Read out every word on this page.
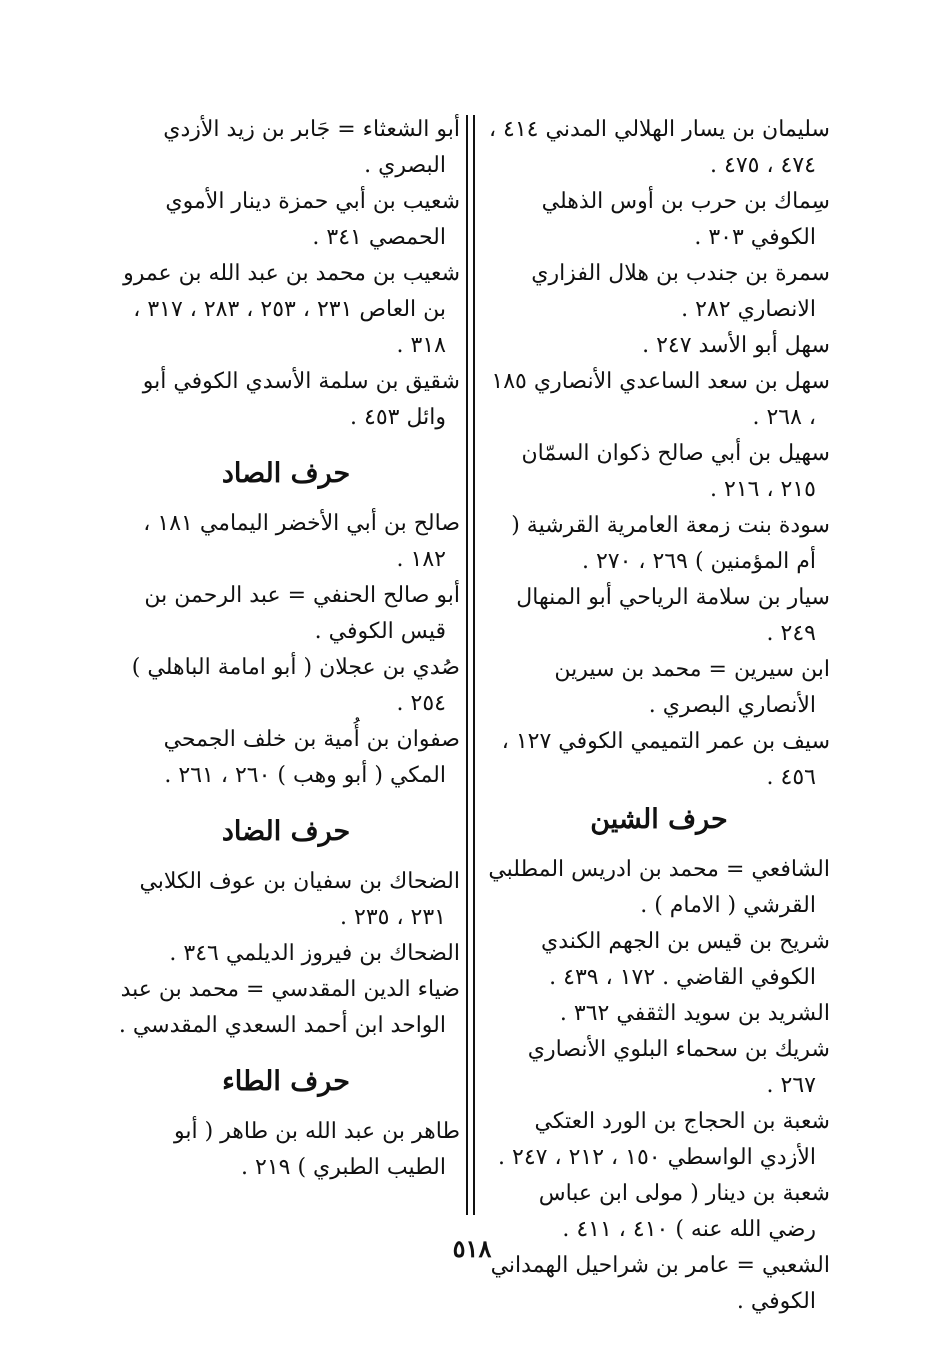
سليمان بن يسار الهلالي المدني ٤١٤ ، ٤٧٤ ، ٤٧٥ .

سِماك بن حرب بن أوس الذهلي الكوفي ٣٠٣ .

سمرة بن جندب بن هلال الفزاري الانصاري ٢٨٢ .

سهل أبو الأسد ٢٤٧ .

سهل بن سعد الساعدي الأنصاري ١٨٥ ، ٢٦٨ .

سهيل بن أبي صالح ذكوان السمّان ٢١٥ ، ٢١٦ .

سودة بنت زمعة العامرية القرشية ( أم المؤمنين ) ٢٦٩ ، ٢٧٠ .

سيار بن سلامة الرياحي أبو المنهال ٢٤٩ .

ابن سيرين = محمد بن سيرين الأنصاري البصري .

سيف بن عمر التميمي الكوفي ١٢٧ ، ٤٥٦ .

حرف الشين

الشافعي = محمد بن ادريس المطلبي القرشي ( الامام ) .

شريح بن قيس بن الجهم الكندي الكوفي القاضي . ١٧٢ ، ٤٣٩ .

الشريد بن سويد الثقفي ٣٦٢ .

شريك بن سحماء البلوي الأنصاري ٢٦٧ .

شعبة بن الحجاج بن الورد العتكي الأزدي الواسطي ١٥٠ ، ٢١٢ ، ٢٤٧ .

شعبة بن دينار ( مولى ابن عباس رضي الله عنه ) ٤١٠ ، ٤١١ .

الشعبي = عامر بن شراحيل الهمداني الكوفي .

أبو الشعثاء = جَابر بن زيد الأزدي البصري .

شعيب بن أبي حمزة دينار الأموي الحمصي ٣٤١ .

شعيب بن محمد بن عبد الله بن عمرو بن العاص ٢٣١ ، ٢٥٣ ، ٢٨٣ ، ٣١٧ ، ٣١٨ .

شقيق بن سلمة الأسدي الكوفي أبو وائل ٤٥٣ .

حرف الصاد

صالح بن أبي الأخضر اليمامي ١٨١ ، ١٨٢ .

أبو صالح الحنفي = عبد الرحمن بن قيس الكوفي .

صُدي بن عجلان ( أبو امامة الباهلي ) ٢٥٤ .

صفوان بن أُمية بن خلف الجمحي المكي ( أبو وهب ) ٢٦٠ ، ٢٦١ .

حرف الضاد

الضحاك بن سفيان بن عوف الكلابي ٢٣١ ، ٢٣٥ .

الضحاك بن فيروز الديلمي ٣٤٦ .

ضياء الدين المقدسي = محمد بن عبد الواحد ابن أحمد السعدي المقدسي .

حرف الطاء

طاهر بن عبد الله بن طاهر ( أبو الطيب الطبري ) ٢١٩ .

٥١٨
